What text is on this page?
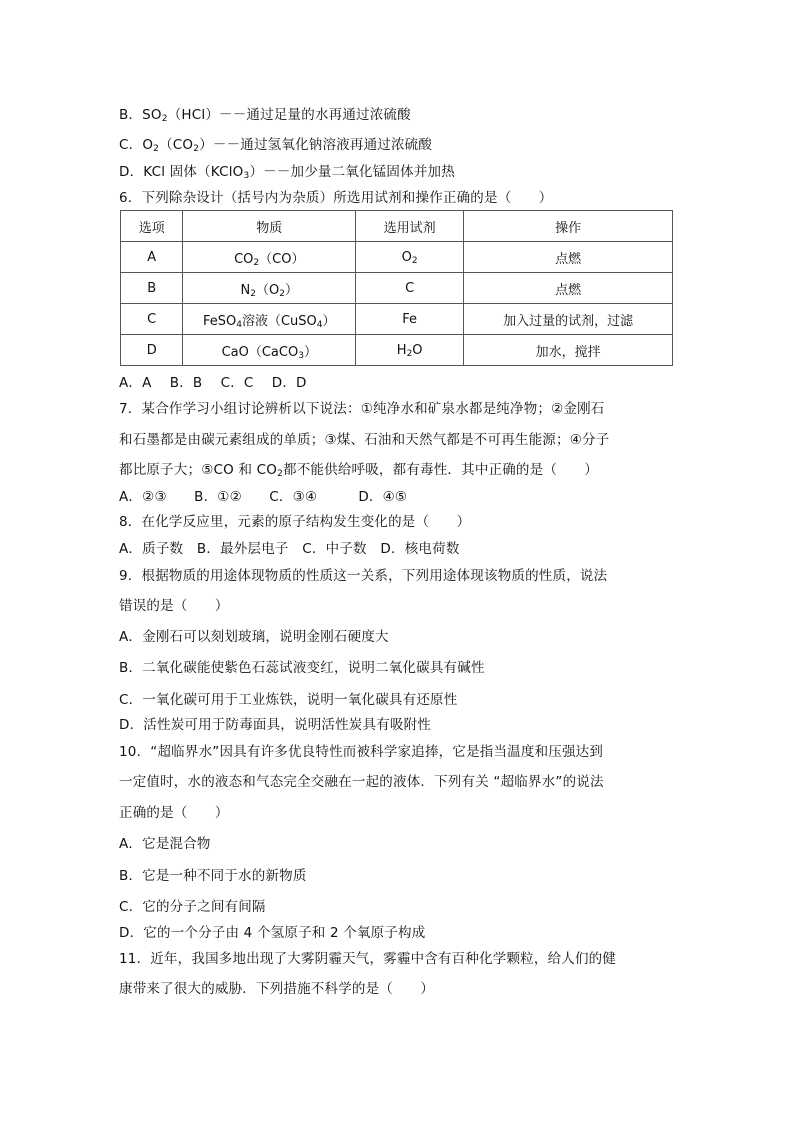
B．$SO_2(HCl)--$通过足量的水再通过浓硫酸
C．$O_2(CO_2)--$通过氢氧化钠溶液再通过浓硫酸
D．KCl 固体（KClO$_3$）－－加少量二氧化锰固体并加热
6．下列除杂设计（括号内为杂质）所选用试剂和操作正确的是（　　）
选项	物质	选用试剂	操作
A	$CO_2(CO)$	$O_2$	点燃
B	$N_2(O_2)$	C	点燃
C	FeSO$_4$溶液（CuSO$_4$）	Fe	加入过量的试剂，过滤
D	CaO（CaCO$_3$）	$H_2O$	加水，搅拌
A．A　 B．B　 C．C　 D．D
7．某合作学习小组讨论辨析以下说法：①纯净水和矿泉水都是纯净物；②金刚石
和石墨都是由碳元素组成的单质；③煤、石油和天然气都是不可再生能源；④分子
都比原子大；⑤CO 和 $CO_2$都不能供给呼吸，都有毒性．其中正确的是（　　）
A．②③　　B．①②　　C．③④　　　D．④⑤
8．在化学反应里，元素的原子结构发生变化的是（　　）
A．质子数　B．最外层电子　C．中子数　D．核电荷数
9．根据物质的用途体现物质的性质这一关系，下列用途体现该物质的性质，说法
错误的是（　　）
A．金刚石可以刻划玻璃，说明金刚石硬度大
B．二氧化碳能使紫色石蕊试液变红，说明二氧化碳具有碱性
C．一氧化碳可用于工业炼铁，说明一氧化碳具有还原性
D．活性炭可用于防毒面具，说明活性炭具有吸附性
10．“超临界水”因具有许多优良特性而被科学家追捧，它是指当温度和压强达到
一定值时，水的液态和气态完全交融在一起的液体．下列有关 “超临界水”的说法
正确的是（　　）
A．它是混合物
B．它是一种不同于水的新物质
C．它的分子之间有间隔
D．它的一个分子由 4 个氢原子和 2 个氧原子构成
11．近年，我国多地出现了大雾阴霾天气，雾霾中含有百种化学颗粒，给人们的健
康带来了很大的威胁．下列措施不科学的是（　　）
